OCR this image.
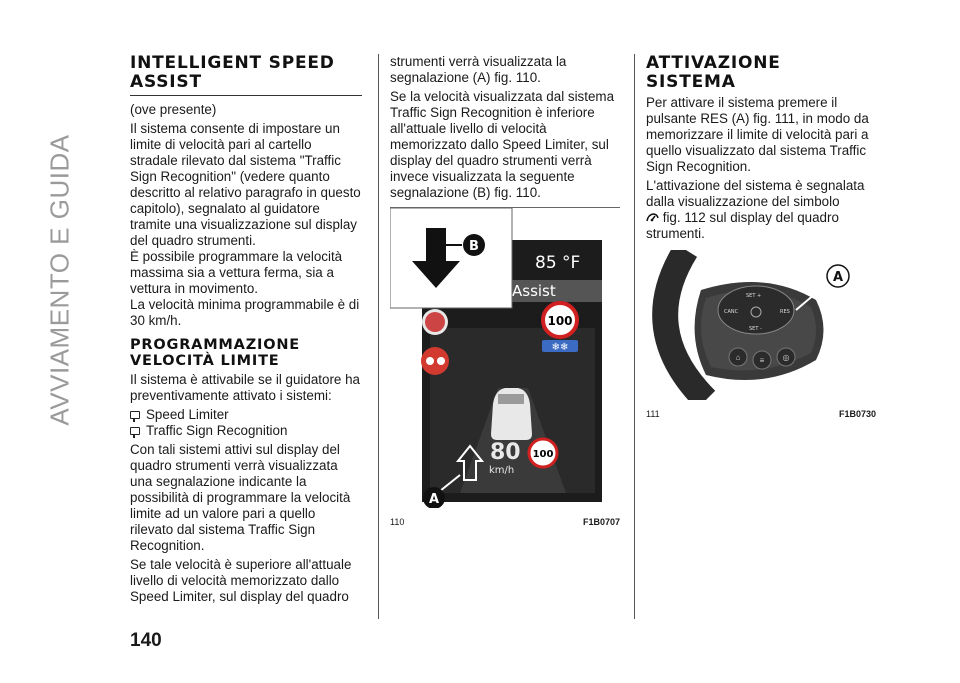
AVVIAMENTO E GUIDA
INTELLIGENT SPEED ASSIST

(ove presente)

Il sistema consente di impostare un limite di velocità pari al cartello stradale rilevato dal sistema "Traffic Sign Recognition" (vedere quanto descritto al relativo paragrafo in questo capitolo), segnalato al guidatore tramite una visualizzazione sul display del quadro strumenti.

È possibile programmare la velocità massima sia a vettura ferma, sia a vettura in movimento.

La velocità minima programmabile è di 30 km/h.

PROGRAMMAZIONE VELOCITÀ LIMITE

Il sistema è attivabile se il guidatore ha preventivamente attivato i sistemi:

Speed Limiter
Traffic Sign Recognition

Con tali sistemi attivi sul display del quadro strumenti verrà visualizzata una segnalazione indicante la possibilità di programmare la velocità limite ad un valore pari a quello rilevato dal sistema Traffic Sign Recognition.

Se tale velocità è superiore all'attuale livello di velocità memorizzato dallo Speed Limiter, sul display del quadro

strumenti verrà visualizzata la segnalazione (A) fig. 110.

Se la velocità visualizzata dal sistema Traffic Sign Recognition è inferiore all'attuale livello di velocità memorizzato dallo Speed Limiter, sul display del quadro strumenti verrà invece visualizzata la seguente segnalazione (B) fig. 110.

85 °F
Assist
100
❄❄
80
km/h
100
A
B
110	F1B0707
ATTIVAZIONE SISTEMA

Per attivare il sistema premere il pulsante RES (A) fig. 111, in modo da memorizzare il limite di velocità pari a quello visualizzato dal sistema Traffic Sign Recognition.

L'attivazione del sistema è segnalata dalla visualizzazione del simbolo

fig. 112 sul display del quadro strumenti.

SET +
CANC	RES
SET -
⌂ ≡ ◎
A
111	F1B0730
140
